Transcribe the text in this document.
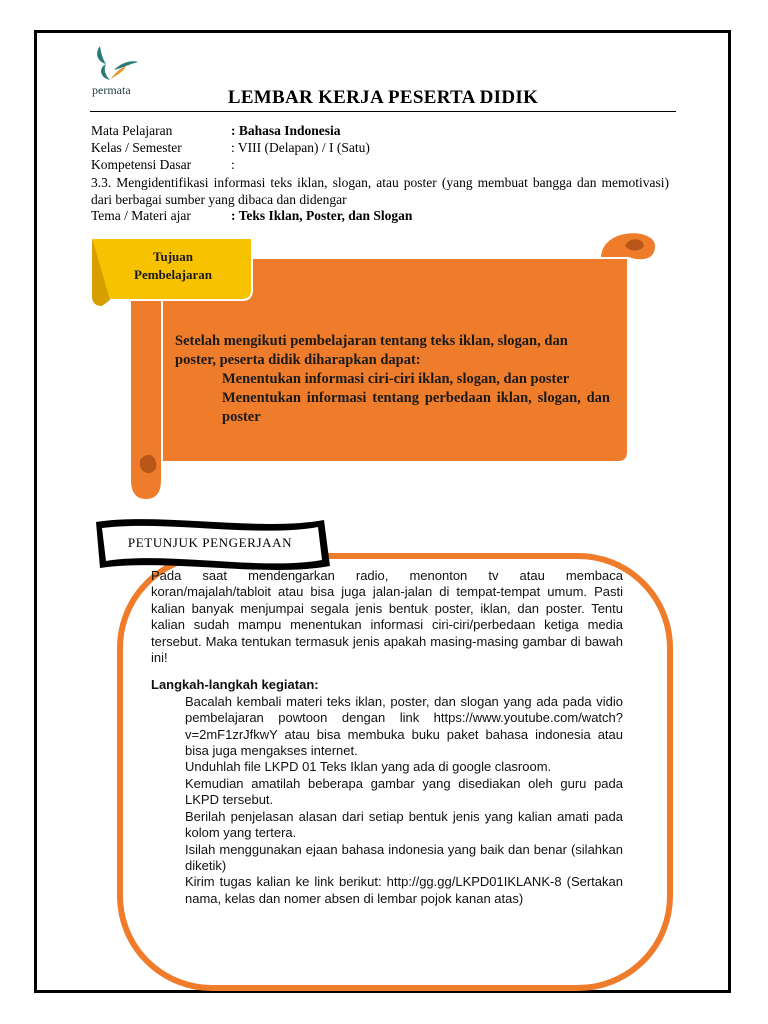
permata	LEMBAR KERJA PESERTA DIDIK
Mata Pelajaran	: Bahasa Indonesia
Kelas / Semester	: VIII (Delapan) / I (Satu)
Kompetensi Dasar	:
3.3. Mengidentifikasi informasi teks iklan, slogan, atau poster (yang membuat bangga dan memotivasi) dari berbagai sumber yang dibaca dan didengar
Tema / Materi ajar	: Teks Iklan, Poster, dan Slogan
Tujuan
Pembelajaran
Setelah mengikuti pembelajaran tentang teks iklan, slogan, dan poster, peserta didik diharapkan dapat:
Menentukan informasi ciri-ciri iklan, slogan, dan poster
Menentukan informasi tentang perbedaan iklan, slogan, dan poster
PETUNJUK PENGERJAAN

Pada saat mendengarkan radio, menonton tv atau membaca koran/majalah/tabloit atau bisa juga jalan-jalan di tempat-tempat umum. Pasti kalian banyak menjumpai segala jenis bentuk poster, iklan, dan poster. Tentu kalian sudah mampu menentukan informasi ciri-ciri/perbedaan ketiga media tersebut. Maka tentukan termasuk jenis apakah masing-masing gambar di bawah ini!

Langkah-langkah kegiatan:
Bacalah kembali materi teks iklan, poster, dan slogan yang ada pada vidio pembelajaran powtoon dengan link https://www.youtube.com/watch?v=2mF1zrJfkwY atau bisa membuka buku paket bahasa indonesia atau bisa juga mengakses internet.
Unduhlah file LKPD 01 Teks Iklan yang ada di google clasroom.
Kemudian amatilah beberapa gambar yang disediakan oleh guru pada LKPD tersebut.
Berilah penjelasan alasan dari setiap bentuk jenis yang kalian amati pada kolom yang tertera.
Isilah menggunakan ejaan bahasa indonesia yang baik dan benar (silahkan diketik)
Kirim tugas kalian ke link berikut: http://gg.gg/LKPD01IKLANK-8 (Sertakan nama, kelas dan nomer absen di lembar pojok kanan atas)
